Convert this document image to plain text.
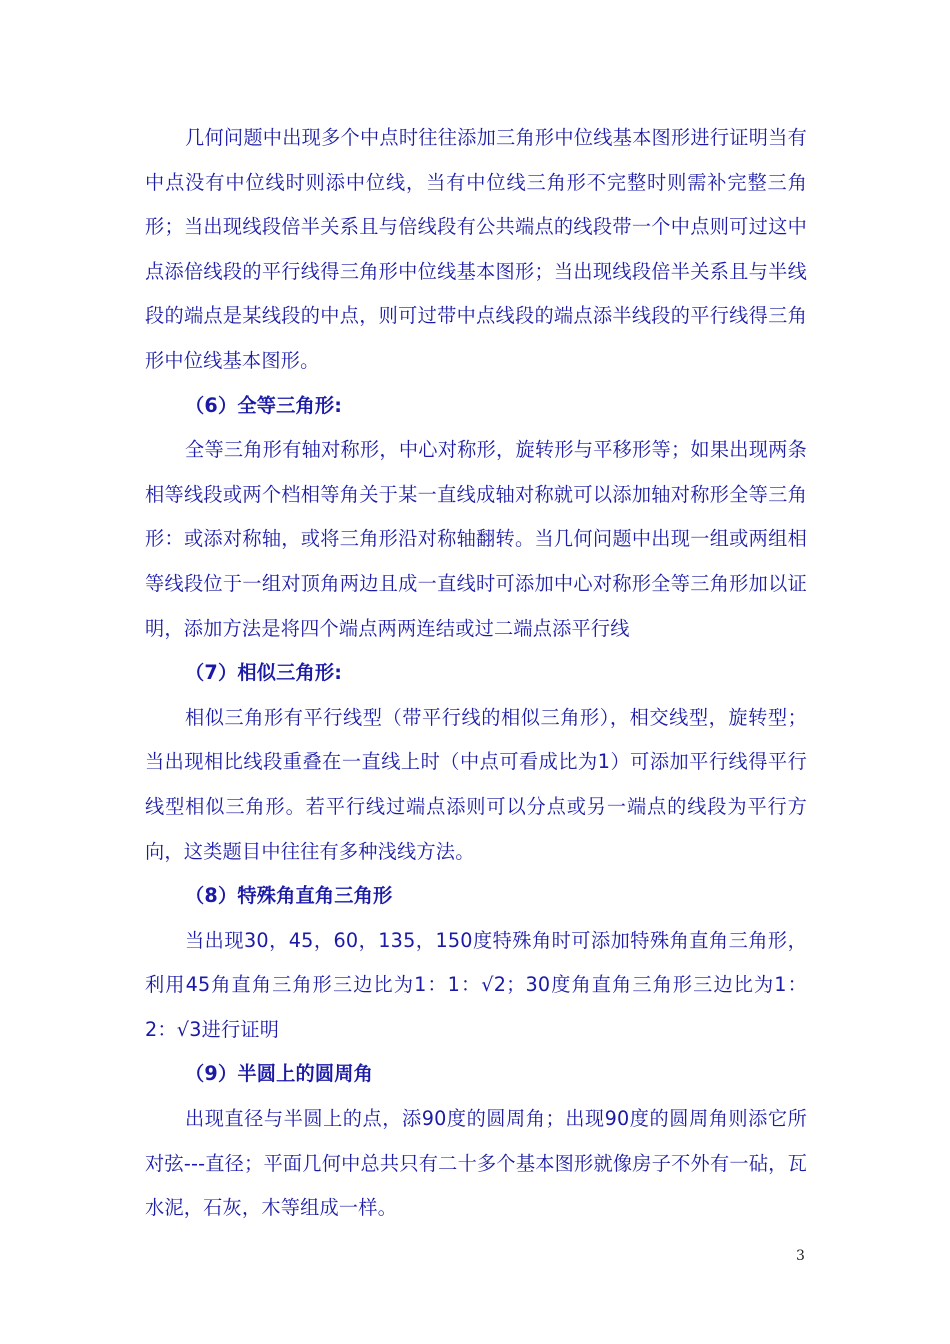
几何问题中出现多个中点时往往添加三角形中位线基本图形进行证明当有中点没有中位线时则添中位线，当有中位线三角形不完整时则需补完整三角形；当出现线段倍半关系且与倍线段有公共端点的线段带一个中点则可过这中点添倍线段的平行线得三角形中位线基本图形；当出现线段倍半关系且与半线段的端点是某线段的中点，则可过带中点线段的端点添半线段的平行线得三角形中位线基本图形。

（6）全等三角形:

全等三角形有轴对称形，中心对称形，旋转形与平移形等；如果出现两条相等线段或两个档相等角关于某一直线成轴对称就可以添加轴对称形全等三角形：或添对称轴，或将三角形沿对称轴翻转。当几何问题中出现一组或两组相等线段位于一组对顶角两边且成一直线时可添加中心对称形全等三角形加以证明，添加方法是将四个端点两两连结或过二端点添平行线

（7）相似三角形:

相似三角形有平行线型（带平行线的相似三角形），相交线型，旋转型；当出现相比线段重叠在一直线上时（中点可看成比为1）可添加平行线得平行线型相似三角形。若平行线过端点添则可以分点或另一端点的线段为平行方向，这类题目中往往有多种浅线方法。

（8）特殊角直角三角形

当出现30，45，60，135，150度特殊角时可添加特殊角直角三角形，利用45角直角三角形三边比为1：1：√2；30度角直角三角形三边比为1：2：√3进行证明

（9）半圆上的圆周角

出现直径与半圆上的点，添90度的圆周角；出现90度的圆周角则添它所对弦---直径；平面几何中总共只有二十多个基本图形就像房子不外有一砧，瓦水泥，石灰，木等组成一样。

3
